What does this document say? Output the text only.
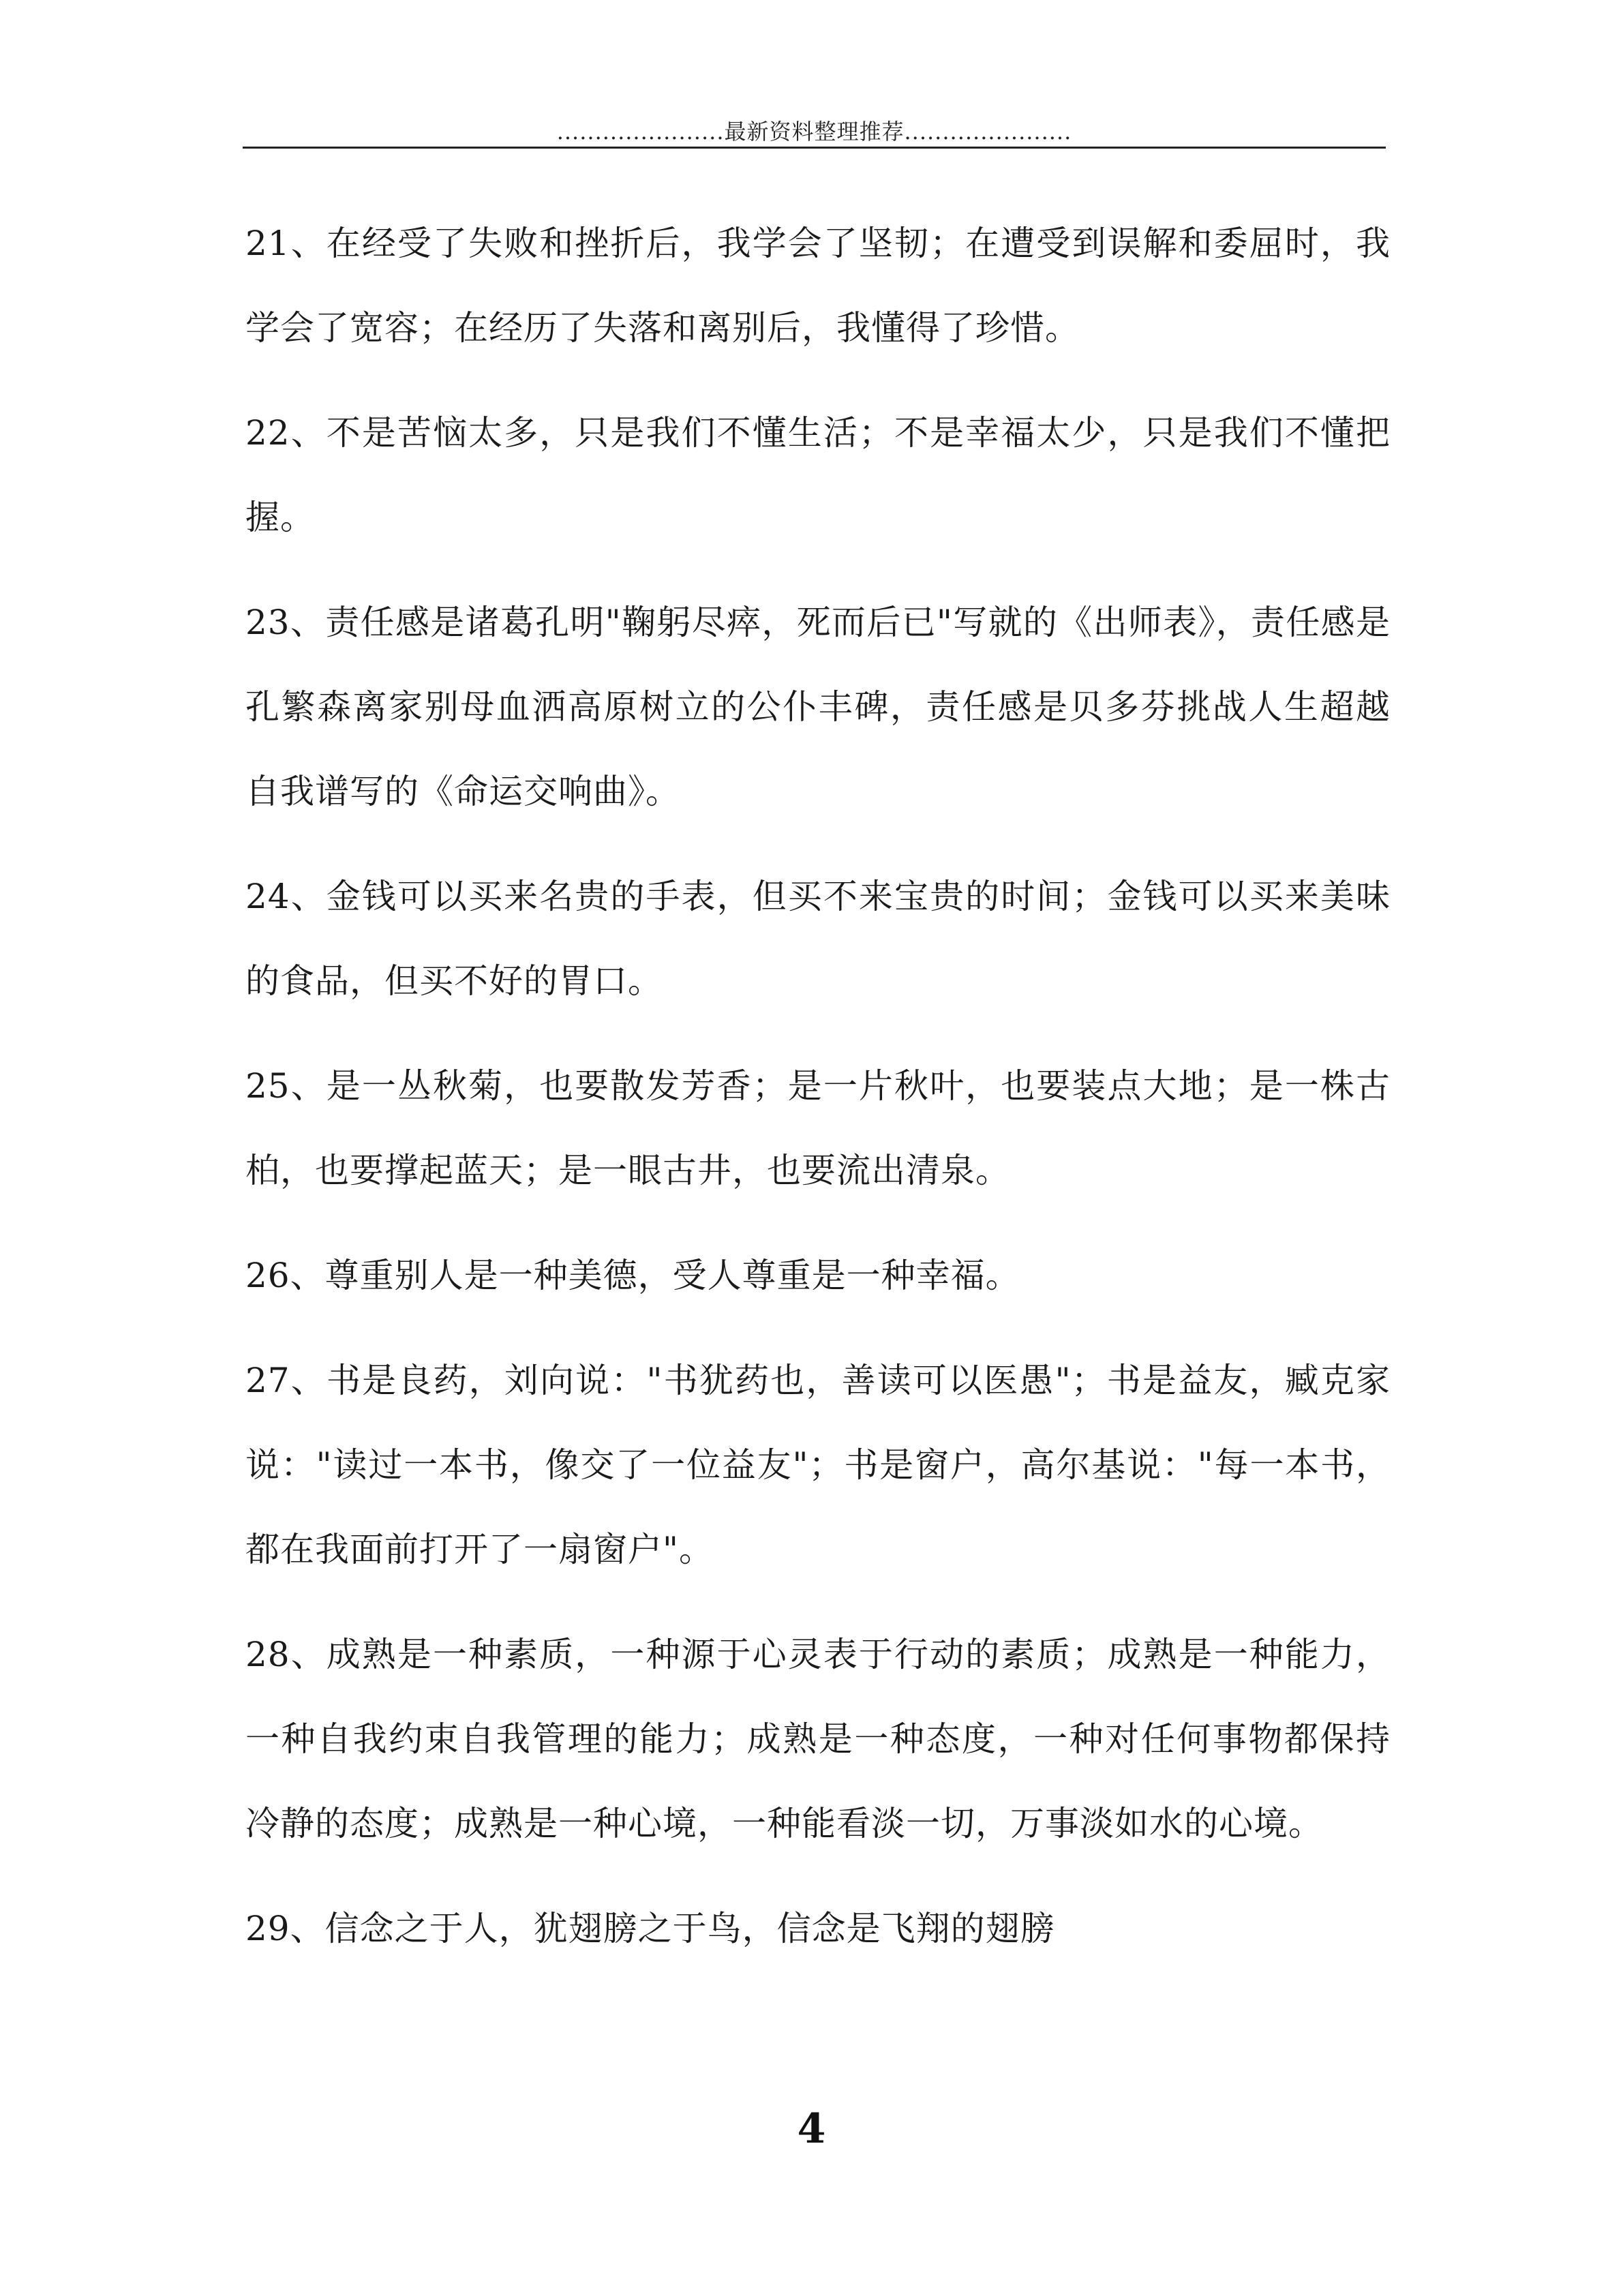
......................最新资料整理推荐......................

21、在经受了失败和挫折后，我学会了坚韧；在遭受到误解和委屈时，我学会了宽容；在经历了失落和离别后，我懂得了珍惜。

22、不是苦恼太多，只是我们不懂生活；不是幸福太少，只是我们不懂把握。

23、责任感是诸葛孔明"鞠躬尽瘁，死而后已"写就的《出师表》，责任感是孔繁森离家别母血洒高原树立的公仆丰碑，责任感是贝多芬挑战人生超越自我谱写的《命运交响曲》。

24、金钱可以买来名贵的手表，但买不来宝贵的时间；金钱可以买来美味的食品，但买不好的胃口。

25、是一丛秋菊，也要散发芳香；是一片秋叶，也要装点大地；是一株古柏，也要撑起蓝天；是一眼古井，也要流出清泉。

26、尊重别人是一种美德，受人尊重是一种幸福。

27、书是良药，刘向说："书犹药也，善读可以医愚"；书是益友，臧克家说："读过一本书，像交了一位益友"；书是窗户，高尔基说："每一本书，都在我面前打开了一扇窗户"。

28、成熟是一种素质，一种源于心灵表于行动的素质；成熟是一种能力，一种自我约束自我管理的能力；成熟是一种态度，一种对任何事物都保持冷静的态度；成熟是一种心境，一种能看淡一切，万事淡如水的心境。

29、信念之于人，犹翅膀之于鸟，信念是飞翔的翅膀

4
